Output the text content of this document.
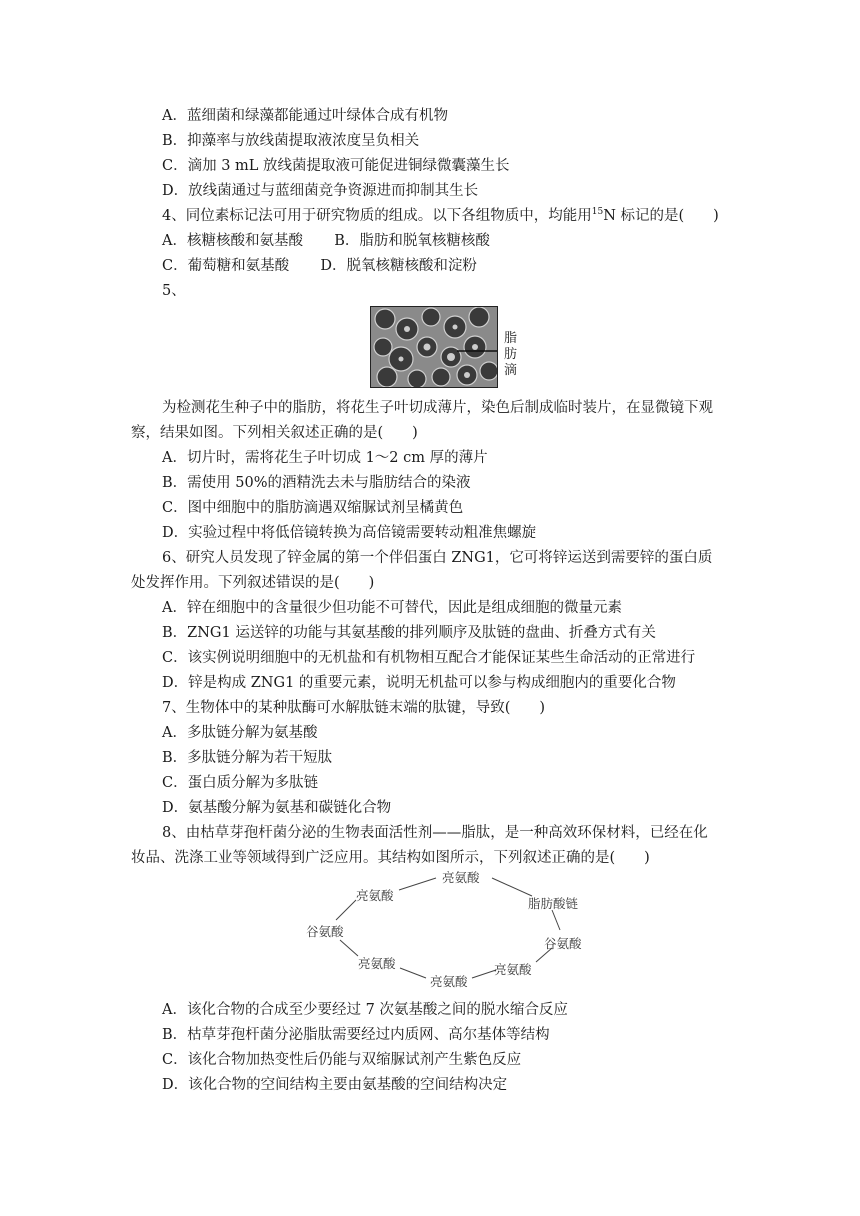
A．蓝细菌和绿藻都能通过叶绿体合成有机物
B．抑藻率与放线菌提取液浓度呈负相关
C．滴加 3 mL 放线菌提取液可能促进铜绿微囊藻生长
D．放线菌通过与蓝细菌竞争资源进而抑制其生长
4、同位素标记法可用于研究物质的组成。以下各组物质中，均能用$^{15}$N 标记的是(　　)
A．核糖核酸和氨基酸 B．脂肪和脱氧核糖核酸
C．葡萄糖和氨基酸 D．脱氧核糖核酸和淀粉
5、
脂
肪
滴
为检测花生种子中的脂肪，将花生子叶切成薄片，染色后制成临时装片，在显微镜下观
察，结果如图。下列相关叙述正确的是(　　)
A．切片时，需将花生子叶切成 1～2 cm 厚的薄片
B．需使用 50%的酒精洗去未与脂肪结合的染液
C．图中细胞中的脂肪滴遇双缩脲试剂呈橘黄色
D．实验过程中将低倍镜转换为高倍镜需要转动粗准焦螺旋
6、研究人员发现了锌金属的第一个伴侣蛋白 ZNG1，它可将锌运送到需要锌的蛋白质
处发挥作用。下列叙述错误的是(　　)
A．锌在细胞中的含量很少但功能不可替代，因此是组成细胞的微量元素
B．ZNG1 运送锌的功能与其氨基酸的排列顺序及肽链的盘曲、折叠方式有关
C．该实例说明细胞中的无机盐和有机物相互配合才能保证某些生命活动的正常进行
D．锌是构成 ZNG1 的重要元素，说明无机盐可以参与构成细胞内的重要化合物
7、生物体中的某种肽酶可水解肽链末端的肽键，导致(　　)
A．多肽链分解为氨基酸
B．多肽链分解为若干短肽
C．蛋白质分解为多肽链
D．氨基酸分解为氨基和碳链化合物
8、由枯草芽孢杆菌分泌的生物表面活性剂——脂肽，是一种高效环保材料，已经在化
妆品、洗涤工业等领域得到广泛应用。其结构如图所示，下列叙述正确的是(　　)
亮氨酸
亮氨酸
脂肪酸链
谷氨酸
谷氨酸
亮氨酸	亮氨酸
亮氨酸
A．该化合物的合成至少要经过 7 次氨基酸之间的脱水缩合反应
B．枯草芽孢杆菌分泌脂肽需要经过内质网、高尔基体等结构
C．该化合物加热变性后仍能与双缩脲试剂产生紫色反应
D．该化合物的空间结构主要由氨基酸的空间结构决定
